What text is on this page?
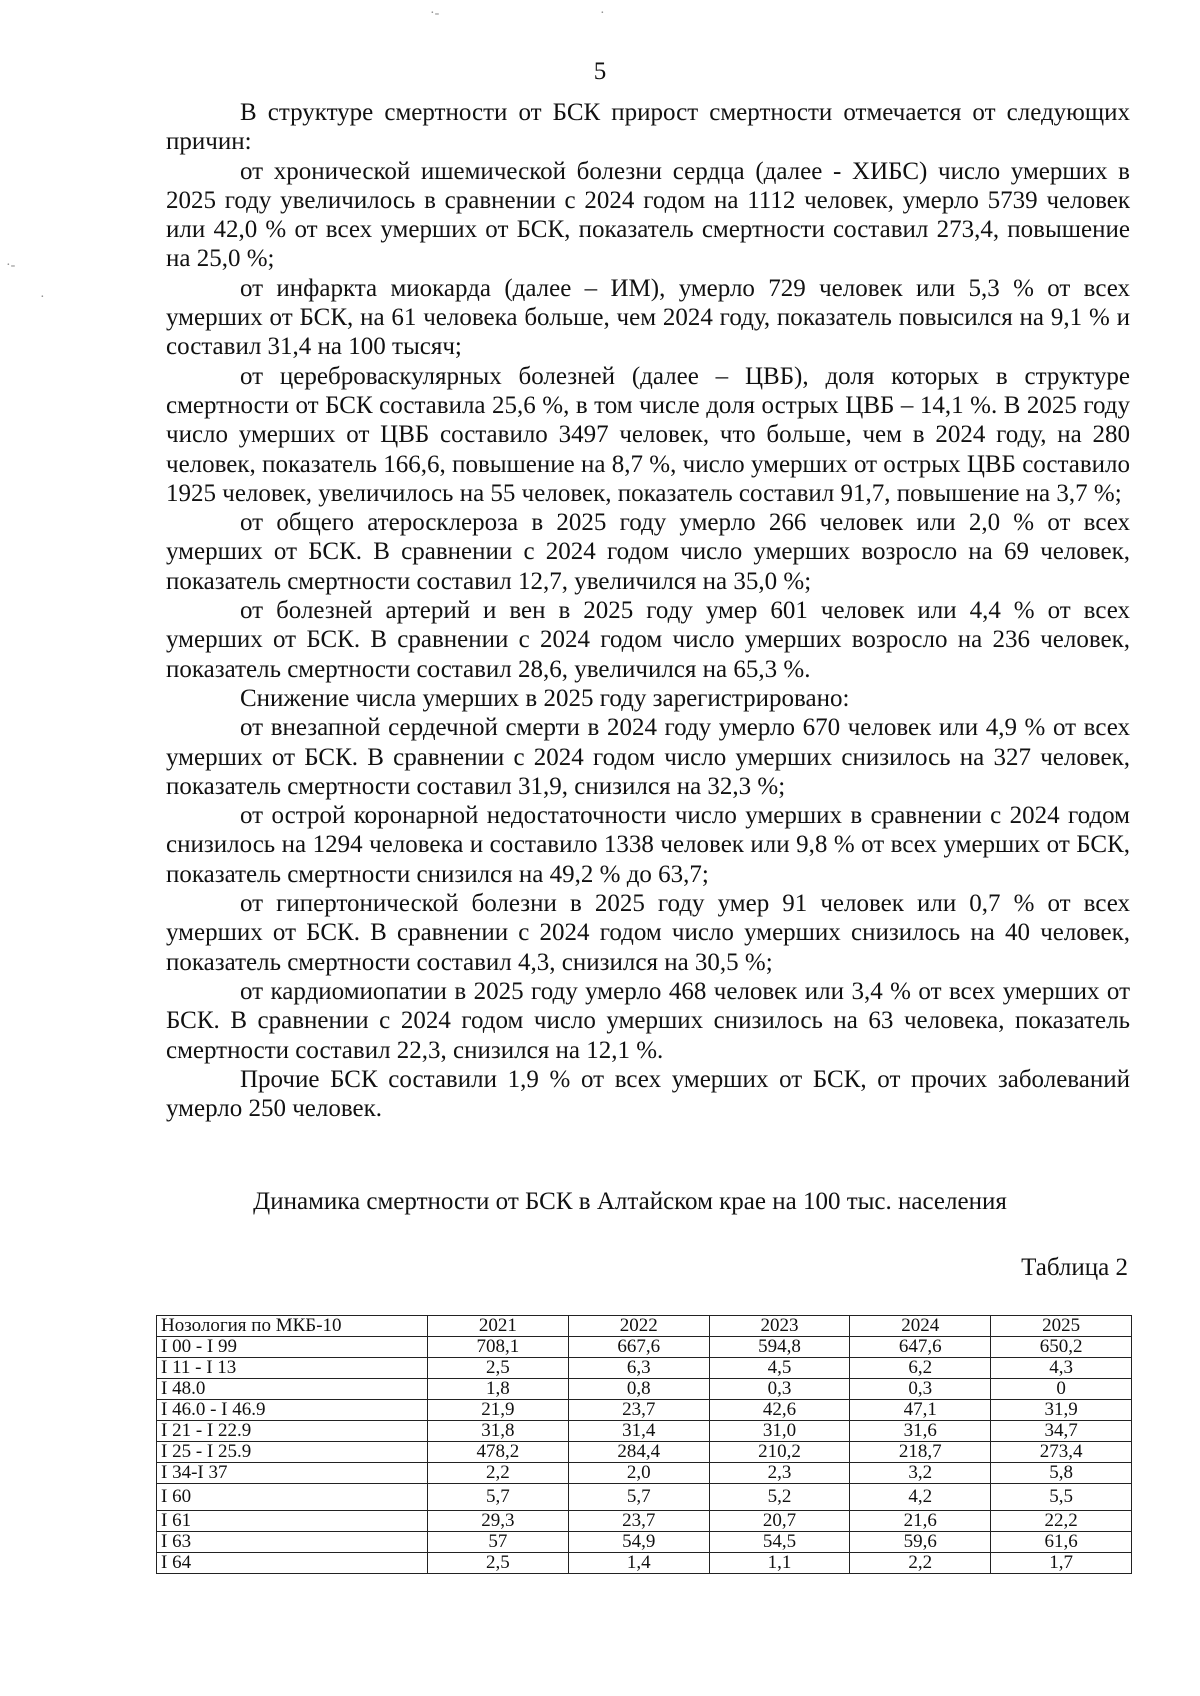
·-	·
·-
·
5

В структуре смертности от БСК прирост смертности отмечается от следующих причин:

от хронической ишемической болезни сердца (далее - ХИБС) число умерших в 2025 году увеличилось в сравнении с 2024 годом на 1112 человек, умерло 5739 человек или 42,0 % от всех умерших от БСК, показатель смертности составил 273,4, повышение на 25,0 %;

от инфаркта миокарда (далее – ИМ), умерло 729 человек или 5,3 % от всех умерших от БСК, на 61 человека больше, чем 2024 году, показатель повысился на 9,1 % и составил 31,4 на 100 тысяч;

от цереброваскулярных болезней (далее – ЦВБ), доля которых в структуре смертности от БСК составила 25,6 %, в том числе доля острых ЦВБ – 14,1 %. В 2025 году число умерших от ЦВБ составило 3497 человек, что больше, чем в 2024 году, на 280 человек, показатель 166,6, повышение на 8,7 %, число умерших от острых ЦВБ составило 1925 человек, увеличилось на 55 человек, показатель составил 91,7, повышение на 3,7 %;

от общего атеросклероза в 2025 году умерло 266 человек или 2,0 % от всех умерших от БСК. В сравнении с 2024 годом число умерших возросло на 69 человек, показатель смертности составил 12,7, увеличился на 35,0 %;

от болезней артерий и вен в 2025 году умер 601 человек или 4,4 % от всех умерших от БСК. В сравнении с 2024 годом число умерших возросло на 236 человек, показатель смертности составил 28,6, увеличился на 65,3 %.

Снижение числа умерших в 2025 году зарегистрировано:

от внезапной сердечной смерти в 2024 году умерло 670 человек или 4,9 % от всех умерших от БСК. В сравнении с 2024 годом число умерших снизилось на 327 человек, показатель смертности составил 31,9, снизился на 32,3 %;

от острой коронарной недостаточности число умерших в сравнении с 2024 годом снизилось на 1294 человека и составило 1338 человек или 9,8 % от всех умерших от БСК, показатель смертности снизился на 49,2 % до 63,7;

от гипертонической болезни в 2025 году умер 91 человек или 0,7 % от всех умерших от БСК. В сравнении с 2024 годом число умерших снизилось на 40 человек, показатель смертности составил 4,3, снизился на 30,5 %;

от кардиомиопатии в 2025 году умерло 468 человек или 3,4 % от всех умерших от БСК. В сравнении с 2024 годом число умерших снизилось на 63 человека, показатель смертности составил 22,3, снизился на 12,1 %.

Прочие БСК составили 1,9 % от всех умерших от БСК, от прочих заболеваний умерло 250 человек.

Динамика смертности от БСК в Алтайском крае на 100 тыс. населения
Таблица 2
Нозология по МКБ-10	2021	2022	2023	2024	2025
I 00 - I 99	708,1	667,6	594,8	647,6	650,2
I 11 - I 13	2,5	6,3	4,5	6,2	4,3
I 48.0	1,8	0,8	0,3	0,3	0
I 46.0 - I 46.9	21,9	23,7	42,6	47,1	31,9
I 21 - I 22.9	31,8	31,4	31,0	31,6	34,7
I 25 - I 25.9	478,2	284,4	210,2	218,7	273,4
I 34-I 37	2,2	2,0	2,3	3,2	5,8
I 60	5,7	5,7	5,2	4,2	5,5
I 61	29,3	23,7	20,7	21,6	22,2
I 63	57	54,9	54,5	59,6	61,6
I 64	2,5	1,4	1,1	2,2	1,7
